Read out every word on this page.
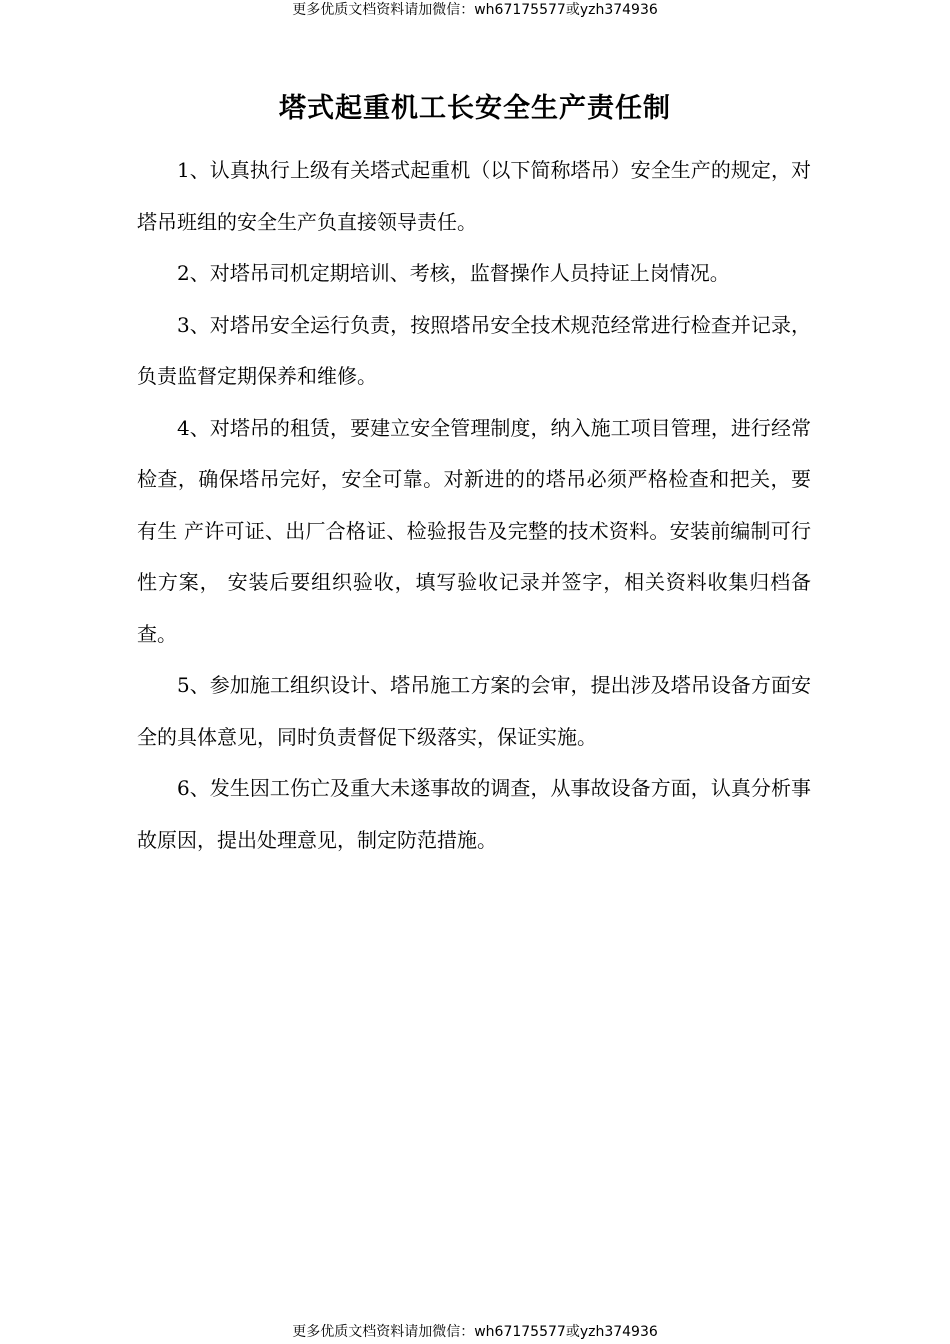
更多优质文档资料请加微信：wh67175577或yzh374936
塔式起重机工长安全生产责任制

1、认真执行上级有关塔式起重机（以下简称塔吊）安全生产的规定，对 塔吊班组的安全生产负直接领导责任。

2、对塔吊司机定期培训、考核，监督操作人员持证上岗情况。

3、对塔吊安全运行负责，按照塔吊安全技术规范经常进行检查并记录， 负责监督定期保养和维修。

4、对塔吊的租赁，要建立安全管理制度，纳入施工项目管理，进行经常 检查，确保塔吊完好，安全可靠。对新进的的塔吊必须严格检查和把关，要有生 产许可证、出厂合格证、检验报告及完整的技术资料。安装前编制可行性方案， 安装后要组织验收，填写验收记录并签字，相关资料收集归档备查。

5、参加施工组织设计、塔吊施工方案的会审，提出涉及塔吊设备方面安 全的具体意见，同时负责督促下级落实，保证实施。

6、发生因工伤亡及重大未遂事故的调查，从事故设备方面，认真分析事 故原因，提出处理意见，制定防范措施。

更多优质文档资料请加微信：wh67175577或yzh374936
